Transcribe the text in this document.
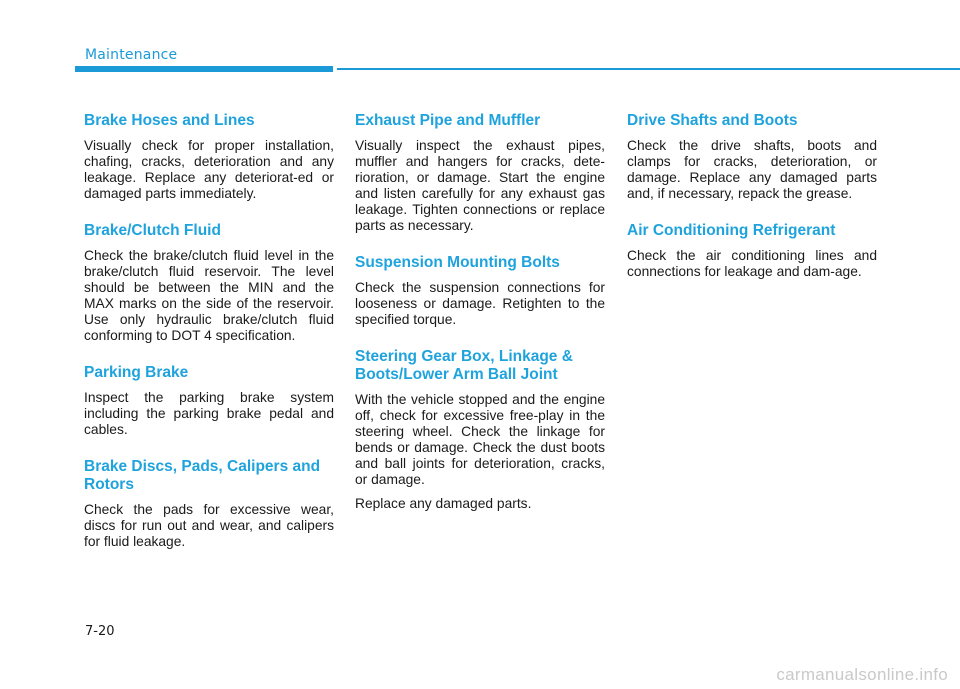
Maintenance
Brake Hoses and Lines

Visually check for proper installation, chafing, cracks, deterioration and any leakage. Replace any deteriorat-ed or damaged parts immediately.

Brake/Clutch Fluid

Check the brake/clutch fluid level in the brake/clutch fluid reservoir. The level should be between the MIN and the MAX marks on the side of the reservoir. Use only hydraulic brake/clutch fluid conforming to DOT 4 specification.

Parking Brake

Inspect the parking brake system including the parking brake pedal and cables.

Brake Discs, Pads, Calipers and Rotors

Check the pads for excessive wear, discs for run out and wear, and calipers for fluid leakage.

Exhaust Pipe and Muffler

Visually inspect the exhaust pipes, muffler and hangers for cracks, dete-rioration, or damage. Start the engine and listen carefully for any exhaust gas leakage. Tighten connections or replace parts as necessary.

Suspension Mounting Bolts

Check the suspension connections for looseness or damage. Retighten to the specified torque.

Steering Gear Box, Linkage & Boots/Lower Arm Ball Joint

With the vehicle stopped and the engine off, check for excessive free-play in the steering wheel. Check the linkage for bends or damage. Check the dust boots and ball joints for deterioration, cracks, or damage.

Replace any damaged parts.

Drive Shafts and Boots

Check the drive shafts, boots and clamps for cracks, deterioration, or damage. Replace any damaged parts and, if necessary, repack the grease.

Air Conditioning Refrigerant

Check the air conditioning lines and connections for leakage and dam-age.

7-20
carmanualsonline.info
